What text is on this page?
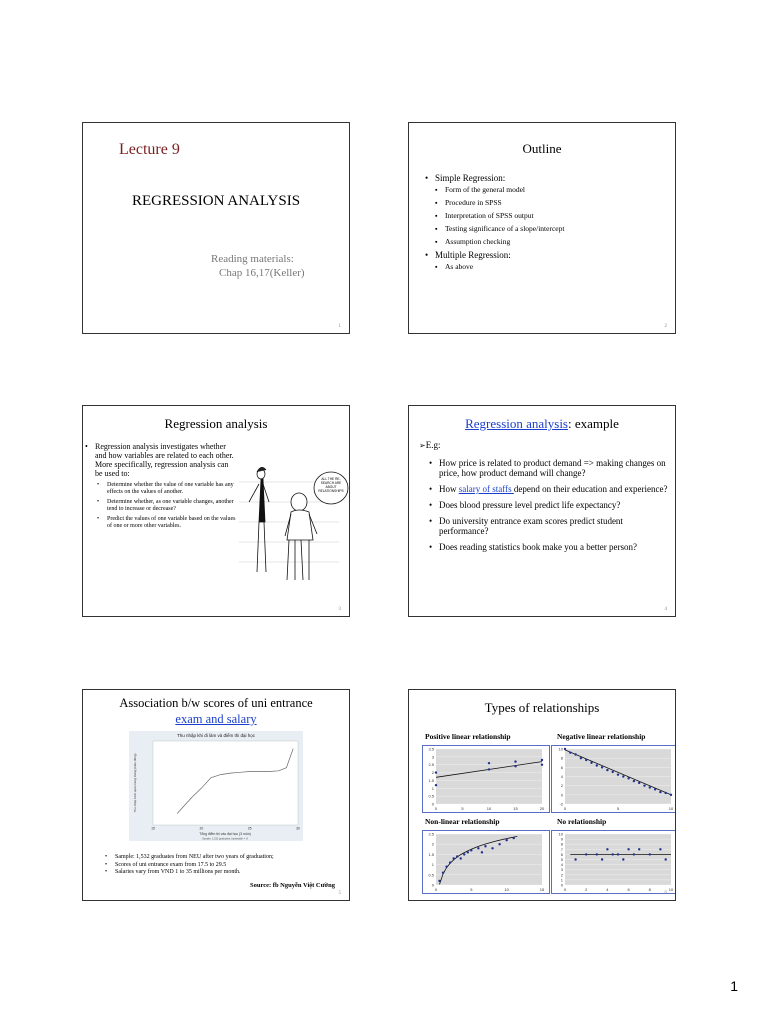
Lecture 9
REGRESSION ANALYSIS
Reading materials:
Chap 16,17(Keller)
1
Outline
• Simple Regression:
▪ Form of the general model
▪ Procedure in SPSS
▪ Interpretation of SPSS output
▪ Testing significance of a slope/intercept
▪ Assumption checking
• Multiple Regression:
▪ As above
2
Regression analysis
• Regression analysis investigates whether and how variables are related to each other. More specifically, regression analysis can be used to:
• Determine whether the value of one variable has any effects on the values of another.
• Determine whether, as one variable changes, another tend to increase or decrease?
• Predict the values of one variable based on the values of one or more other variables.
ALL THE RE-SEARCH ARE ABOUT RELATIONSHIPS
3
Regression analysis: example
➢E.g:
• How price is related to product demand => making changes on price, how product demand will change?
• How salary of staffs depend on their education and experience?
• Does blood pressure level predict life expectancy?
• Do university entrance exam scores predict student performance?
• Does reading statistics book make you a better person?
4
Association b/w scores of uni entrance
exam and salary
Thu nhập khi đi làm và điểm thi đại học
Thu nhập bình quân hàng tháng (triệu đồng)
Tổng điểm thi vào đại học (3 môn)
Sample: 1,532 graduates; bandwidth = .8
15	20	25	30
• Sample: 1,532 graduates from NEU after two years of graduation;
• Scores of uni entrance exam from 17.5 to 29.5
• Salaries vary from VND 1 to 35 millions per month.
Source: fb Nguyễn Việt Cường
5
Types of relationships
Positive linear relationship	Negative linear relationship
Non-linear relationship	No relationship
0
0.5
1
1.5
2
2.5
3
3.5
0	5	10	15	20
-2
0
2
4
6
8
10
0	5	10
0
0.5
1
1.5
2
2.5
0	5	10	15
0
1
2
3
4
5
6
7
8
9
10
0	2	4	6	8	10
6
1
